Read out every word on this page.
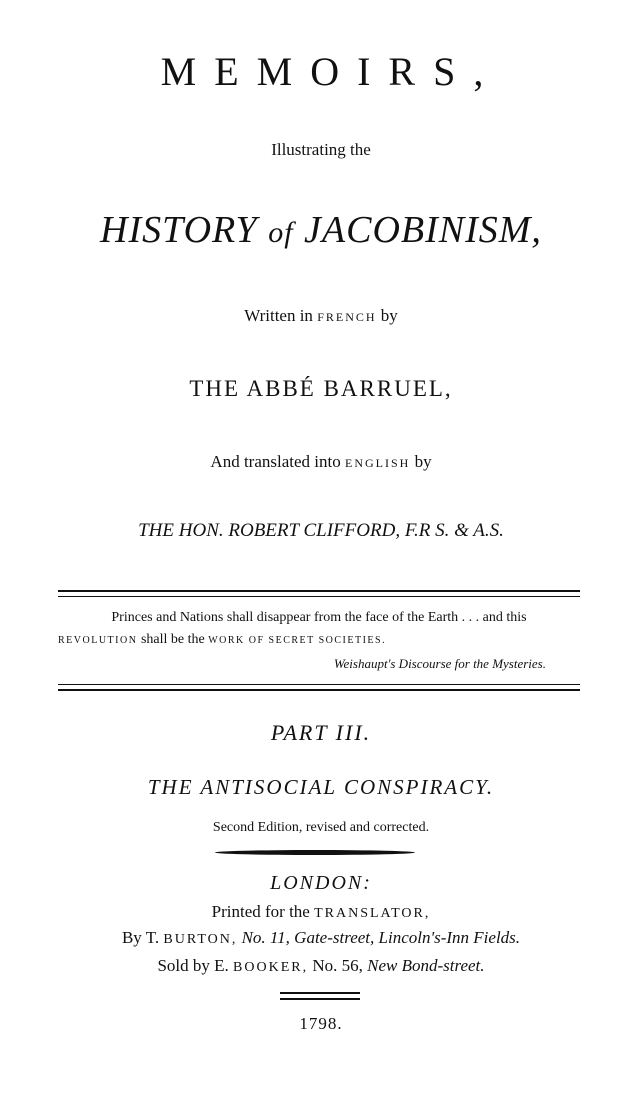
MEMOIRS,
Illustrating the
HISTORY of JACOBINISM,
Written in FRENCH by
THE ABBÉ BARRUEL,
And translated into ENGLISH by
THE HON. ROBERT CLIFFORD, F.R S. & A.S.
Princes and Nations shall disappear from the face of the Earth . . . and this
REVOLUTION shall be the WORK OF SECRET SOCIETIES.
Weishaupt's Discourse for the Mysteries.
PART III.
THE ANTISOCIAL CONSPIRACY.
Second Edition, revised and corrected.
LONDON:
Printed for the TRANSLATOR,
By T. BURTON, No. 11, Gate-street, Lincoln's-Inn Fields.
Sold by E. BOOKER, No. 56, New Bond-street.
1798.
